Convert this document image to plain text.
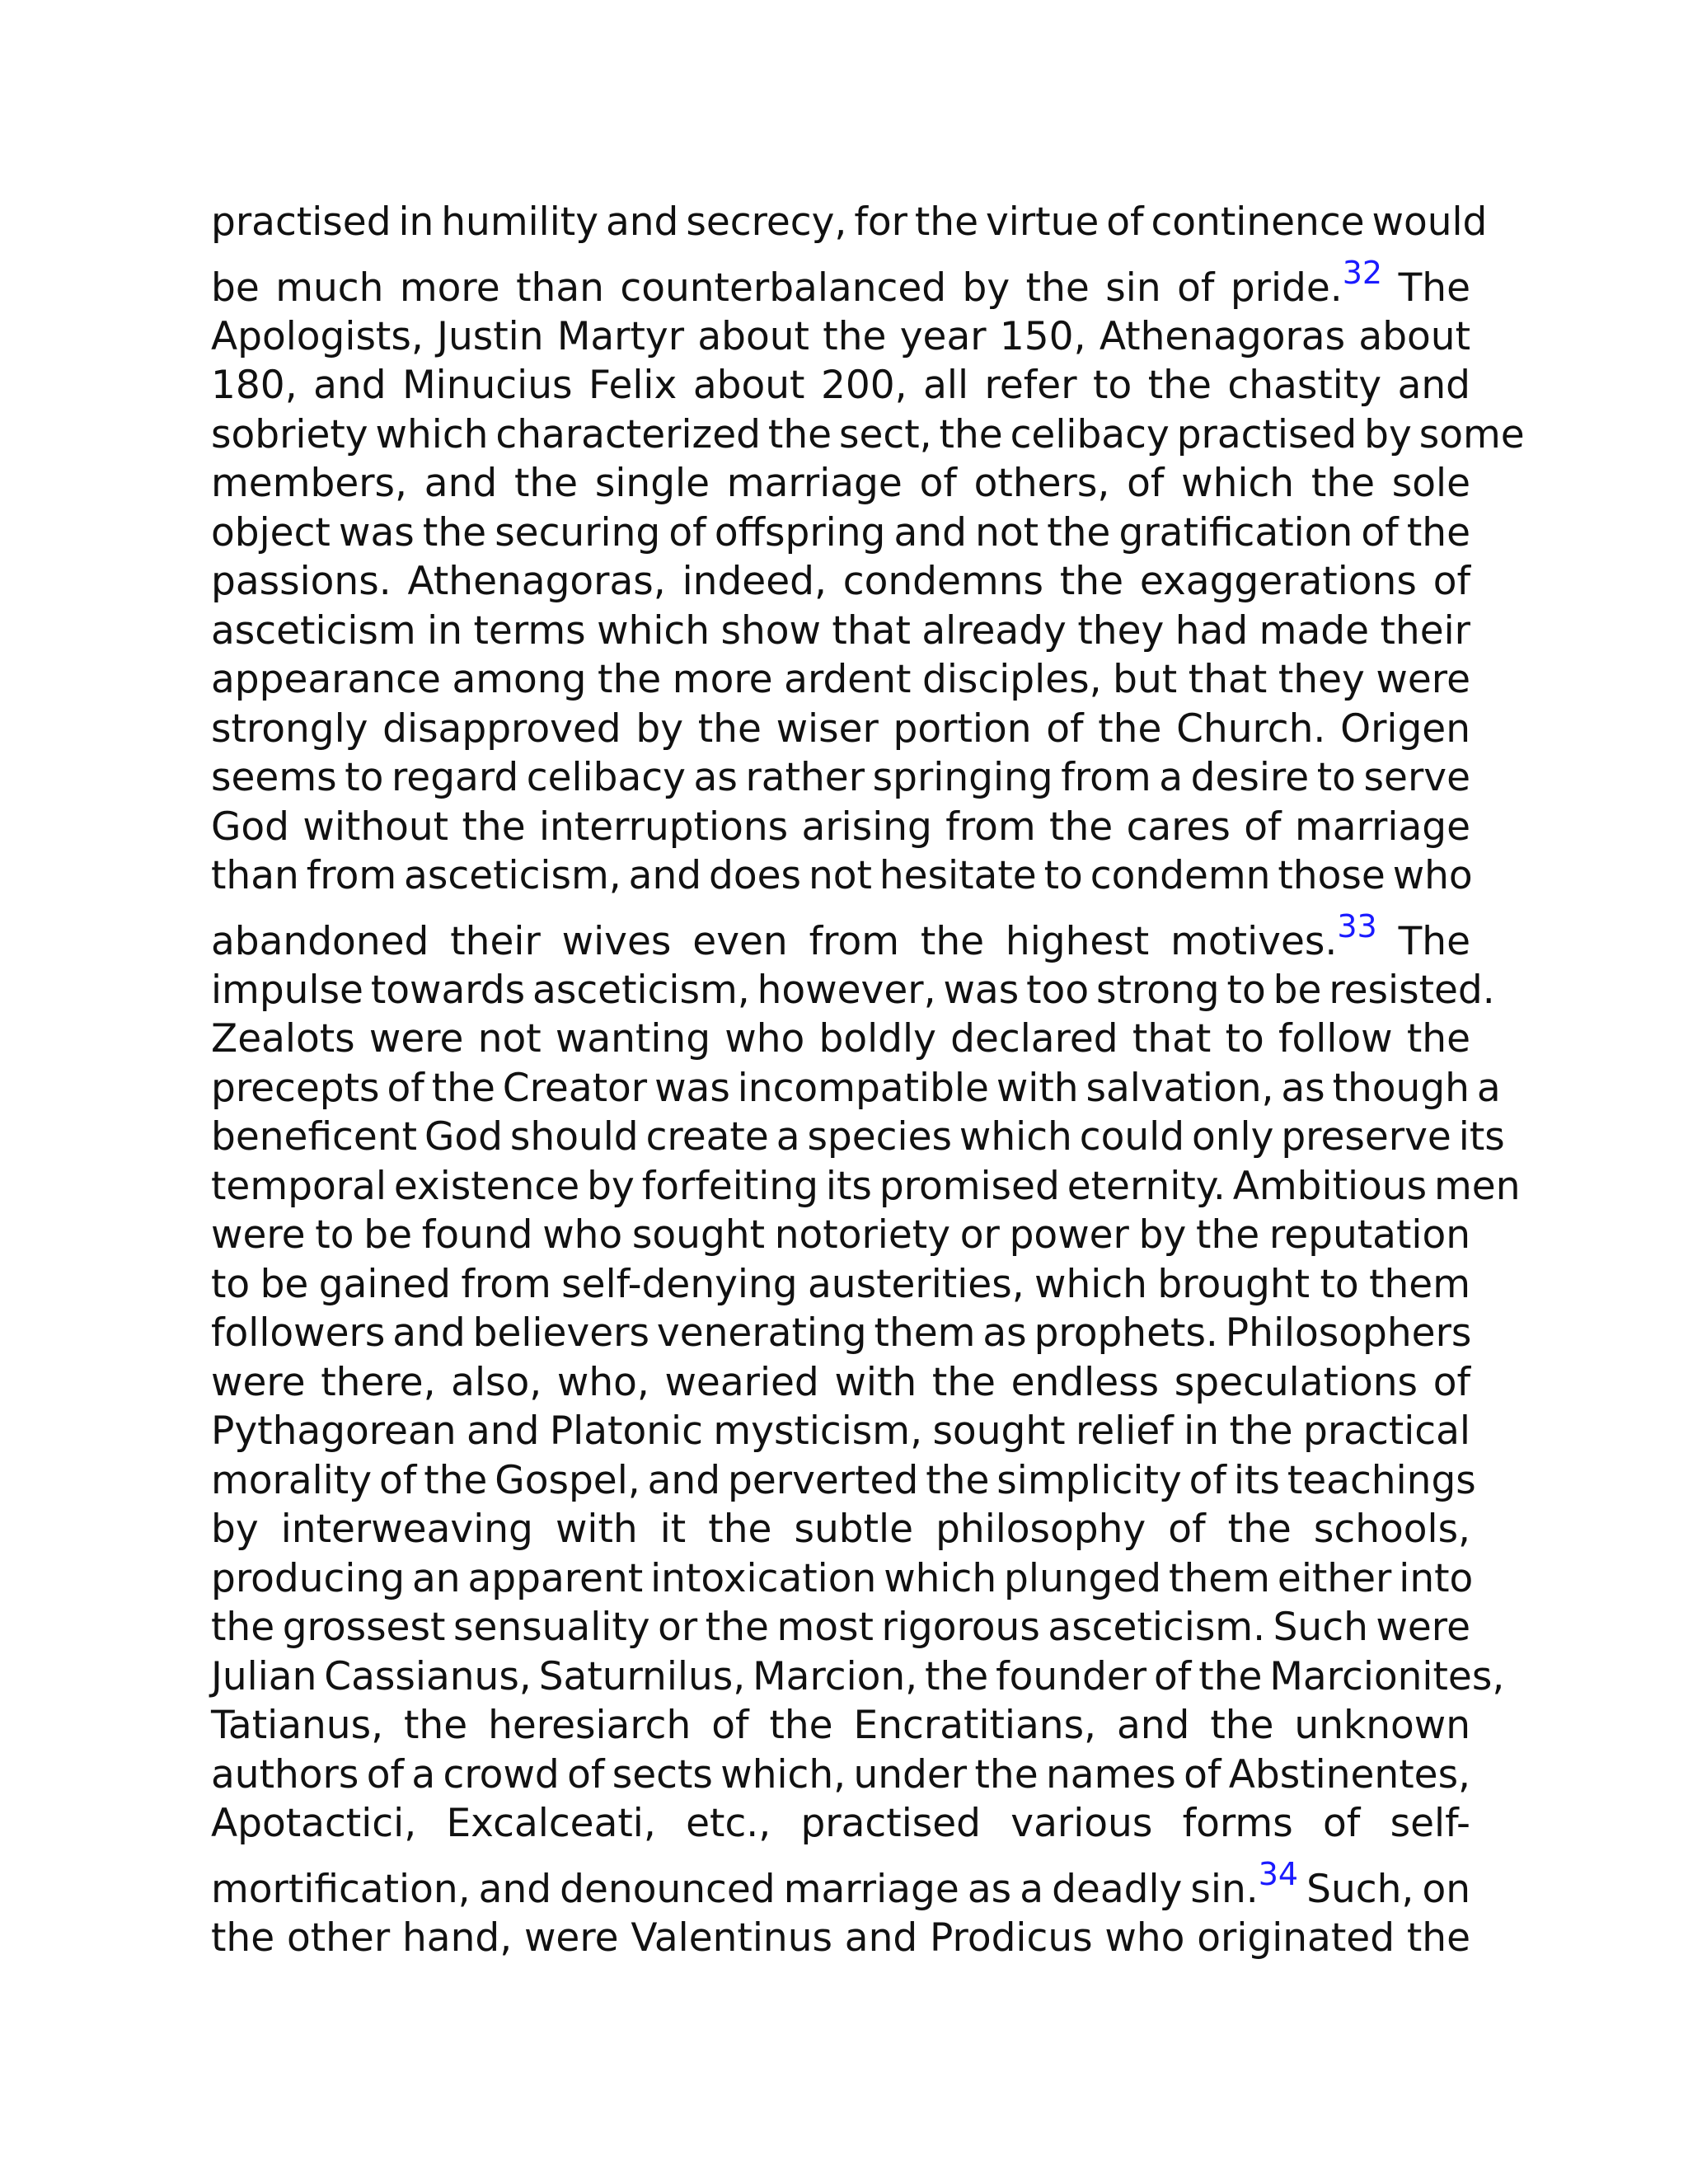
practised in humility and secrecy, for the virtue of continence would
be much more than counterbalanced by the sin of pride.$^{32}$ The
Apologists, Justin Martyr about the year 150, Athenagoras about
180, and Minucius Felix about 200, all refer to the chastity and
sobriety which characterized the sect, the celibacy practised by some
members, and the single marriage of others, of which the sole
object was the securing of offspring and not the gratification of the
passions. Athenagoras, indeed, condemns the exaggerations of
asceticism in terms which show that already they had made their
appearance among the more ardent disciples, but that they were
strongly disapproved by the wiser portion of the Church. Origen
seems to regard celibacy as rather springing from a desire to serve
God without the interruptions arising from the cares of marriage
than from asceticism, and does not hesitate to condemn those who
abandoned their wives even from the highest motives.$^{33}$ The
impulse towards asceticism, however, was too strong to be resisted.
Zealots were not wanting who boldly declared that to follow the
precepts of the Creator was incompatible with salvation, as though a
beneficent God should create a species which could only preserve its
temporal existence by forfeiting its promised eternity. Ambitious men
were to be found who sought notoriety or power by the reputation
to be gained from self-denying austerities, which brought to them
followers and believers venerating them as prophets. Philosophers
were there, also, who, wearied with the endless speculations of
Pythagorean and Platonic mysticism, sought relief in the practical
morality of the Gospel, and perverted the simplicity of its teachings
by interweaving with it the subtle philosophy of the schools,
producing an apparent intoxication which plunged them either into
the grossest sensuality or the most rigorous asceticism. Such were
Julian Cassianus, Saturnilus, Marcion, the founder of the Marcionites,
Tatianus, the heresiarch of the Encratitians, and the unknown
authors of a crowd of sects which, under the names of Abstinentes,
Apotactici, Excalceati, etc., practised various forms of self-
mortification, and denounced marriage as a deadly sin.$^{34}$ Such, on
the other hand, were Valentinus and Prodicus who originated the
